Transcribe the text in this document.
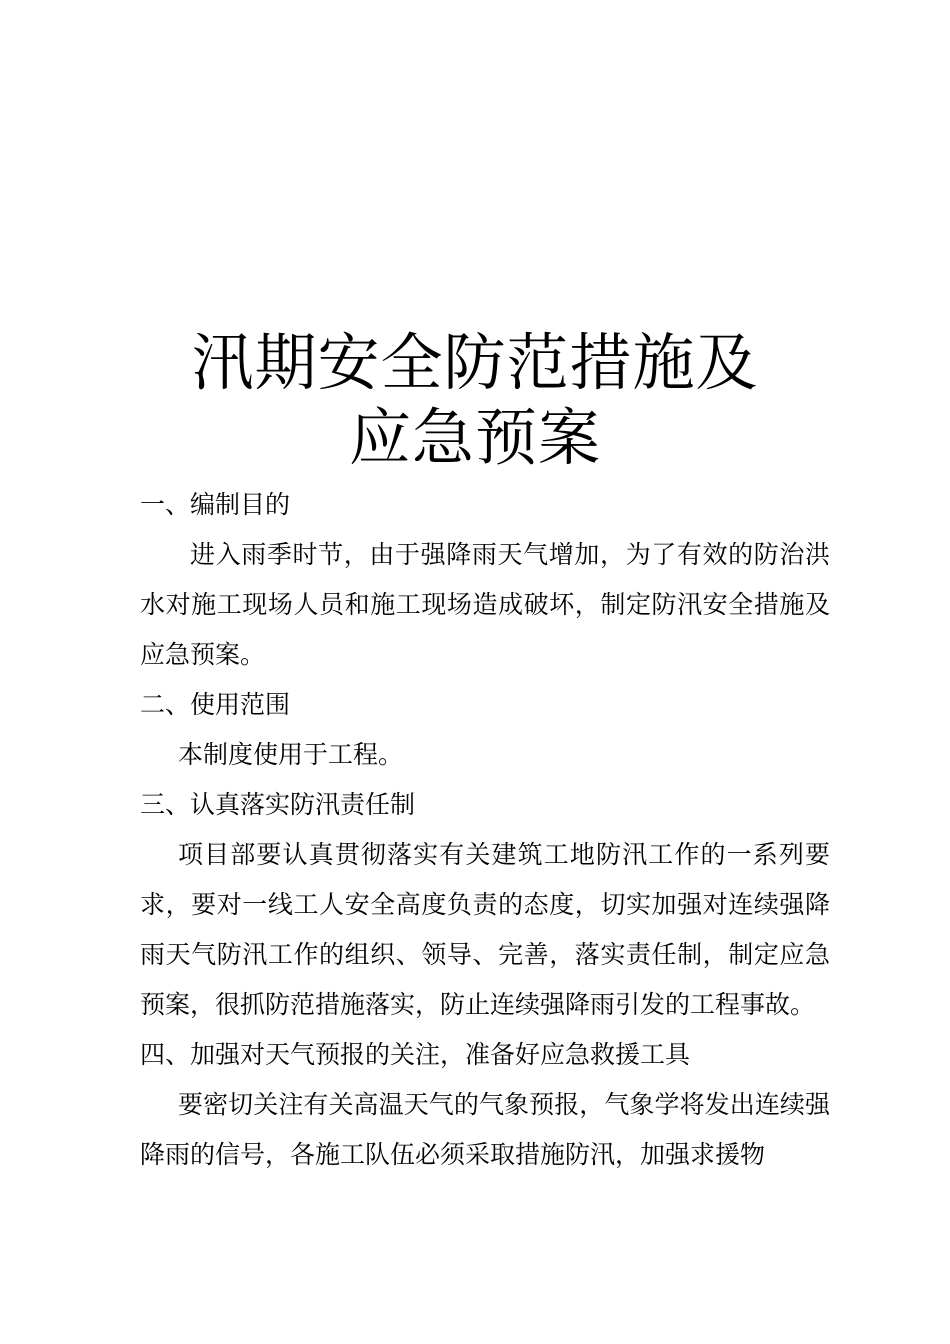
汛期安全防范措施及
应急预案

一、编制目的

进入雨季时节，由于强降雨天气增加，为了有效的防治洪水对施工现场人员和施工现场造成破坏，制定防汛安全措施及应急预案。

二、使用范围

本制度使用于工程。

三、认真落实防汛责任制

项目部要认真贯彻落实有关建筑工地防汛工作的一系列要求，要对一线工人安全高度负责的态度，切实加强对连续强降雨天气防汛工作的组织、领导、完善，落实责任制，制定应急预案，很抓防范措施落实，防止连续强降雨引发的工程事故。

四、加强对天气预报的关注，准备好应急救援工具

要密切关注有关高温天气的气象预报，气象学将发出连续强降雨的信号，各施工队伍必须采取措施防汛，加强求援物
